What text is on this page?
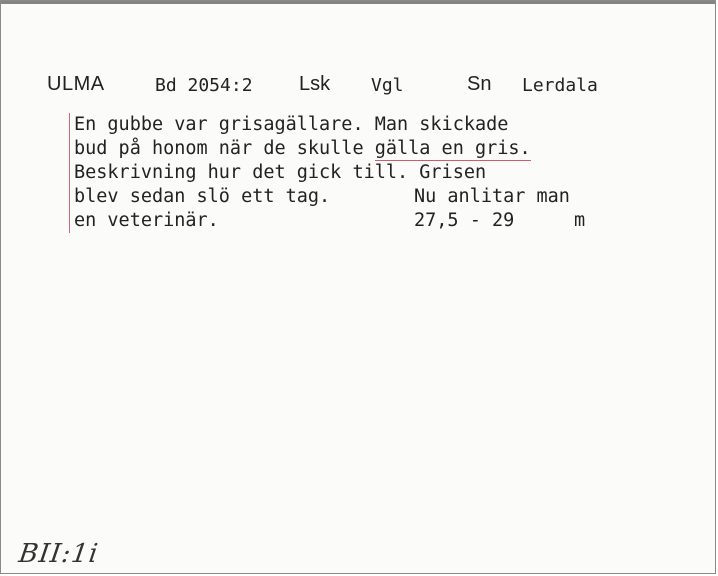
ULMA	Bd 2054:2 Lsk Vgl	Sn Lerdala
En gubbe var grisagällare. Man skickade
bud på honom när de skulle gälla en gris.
Beskrivning hur det gick till. Grisen
blev sedan slö ett tag.	Nu anlitar man
en veterinär.	27,5 - 29	m
BII:1i
